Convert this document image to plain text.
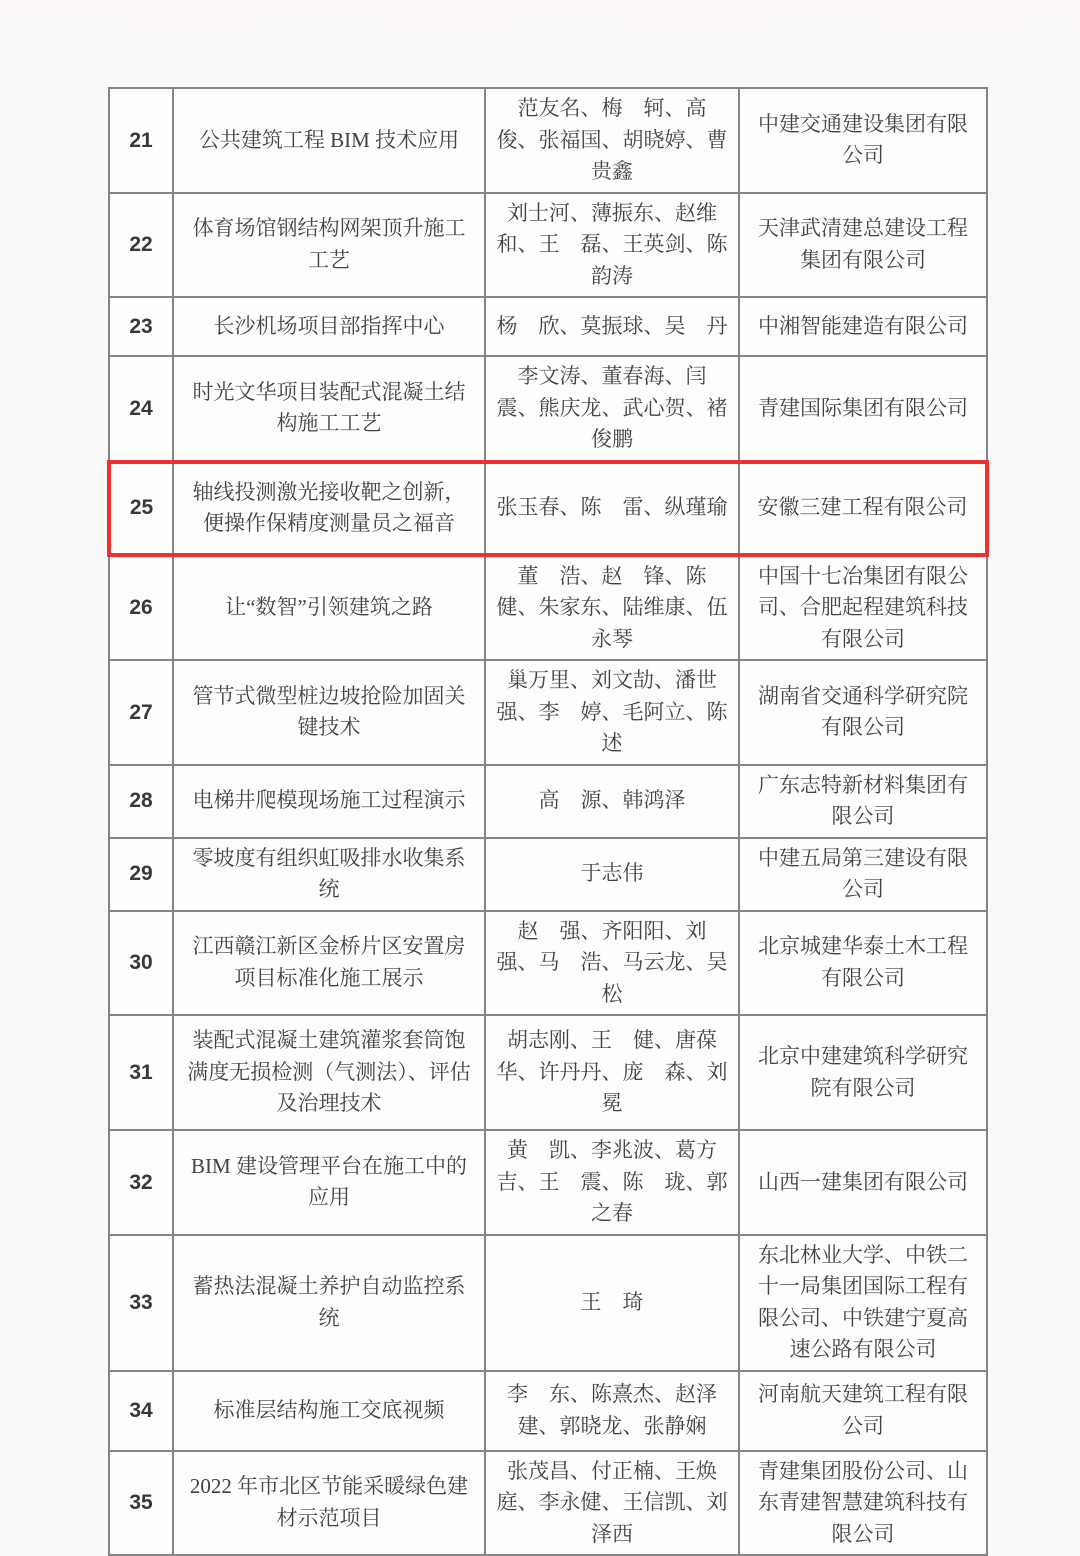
21	公共建筑工程 BIM 技术应用	范友名、梅　轲、高　俊、张福国、胡晓婷、曹贵鑫	中建交通建设集团有限公司
22	体育场馆钢结构网架顶升施工工艺	刘士河、薄振东、赵维和、王　磊、王英剑、陈韵涛	天津武清建总建设工程集团有限公司
23	长沙机场项目部指挥中心	杨　欣、莫振球、吴　丹	中湘智能建造有限公司
24	时光文华项目装配式混凝土结构施工工艺	李文涛、董春海、闫　震、熊庆龙、武心贺、褚俊鹏	青建国际集团有限公司
25	轴线投测激光接收靶之创新，便操作保精度测量员之福音	张玉春、陈　雷、纵瑾瑜	安徽三建工程有限公司
26	让“数智”引领建筑之路	董　浩、赵　锋、陈　健、朱家东、陆维康、伍永琴	中国十七冶集团有限公司、合肥起程建筑科技有限公司
27	管节式微型桩边坡抢险加固关键技术	巢万里、刘文劼、潘世强、李　婷、毛阿立、陈　述	湖南省交通科学研究院有限公司
28	电梯井爬模现场施工过程演示	高　源、韩鸿泽	广东志特新材料集团有限公司
29	零坡度有组织虹吸排水收集系统	于志伟	中建五局第三建设有限公司
30	江西赣江新区金桥片区安置房项目标准化施工展示	赵　强、齐阳阳、刘　强、马　浩、马云龙、吴　松	北京城建华泰土木工程有限公司
31	装配式混凝土建筑灌浆套筒饱满度无损检测（气测法）、评估及治理技术	胡志刚、王　健、唐葆华、许丹丹、庞　森、刘　冕	北京中建建筑科学研究院有限公司
32	BIM 建设管理平台在施工中的应用	黄　凯、李兆波、葛方吉、王　震、陈　珑、郭之春	山西一建集团有限公司
33	蓄热法混凝土养护自动监控系统	王　琦	东北林业大学、中铁二十一局集团国际工程有限公司、中铁建宁夏高速公路有限公司
34	标准层结构施工交底视频	李　东、陈熹杰、赵泽建、郭晓龙、张静娴	河南航天建筑工程有限公司
35	2022 年市北区节能采暖绿色建材示范项目	张茂昌、付正楠、王焕庭、李永健、王信凯、刘泽西	青建集团股份公司、山东青建智慧建筑科技有限公司
